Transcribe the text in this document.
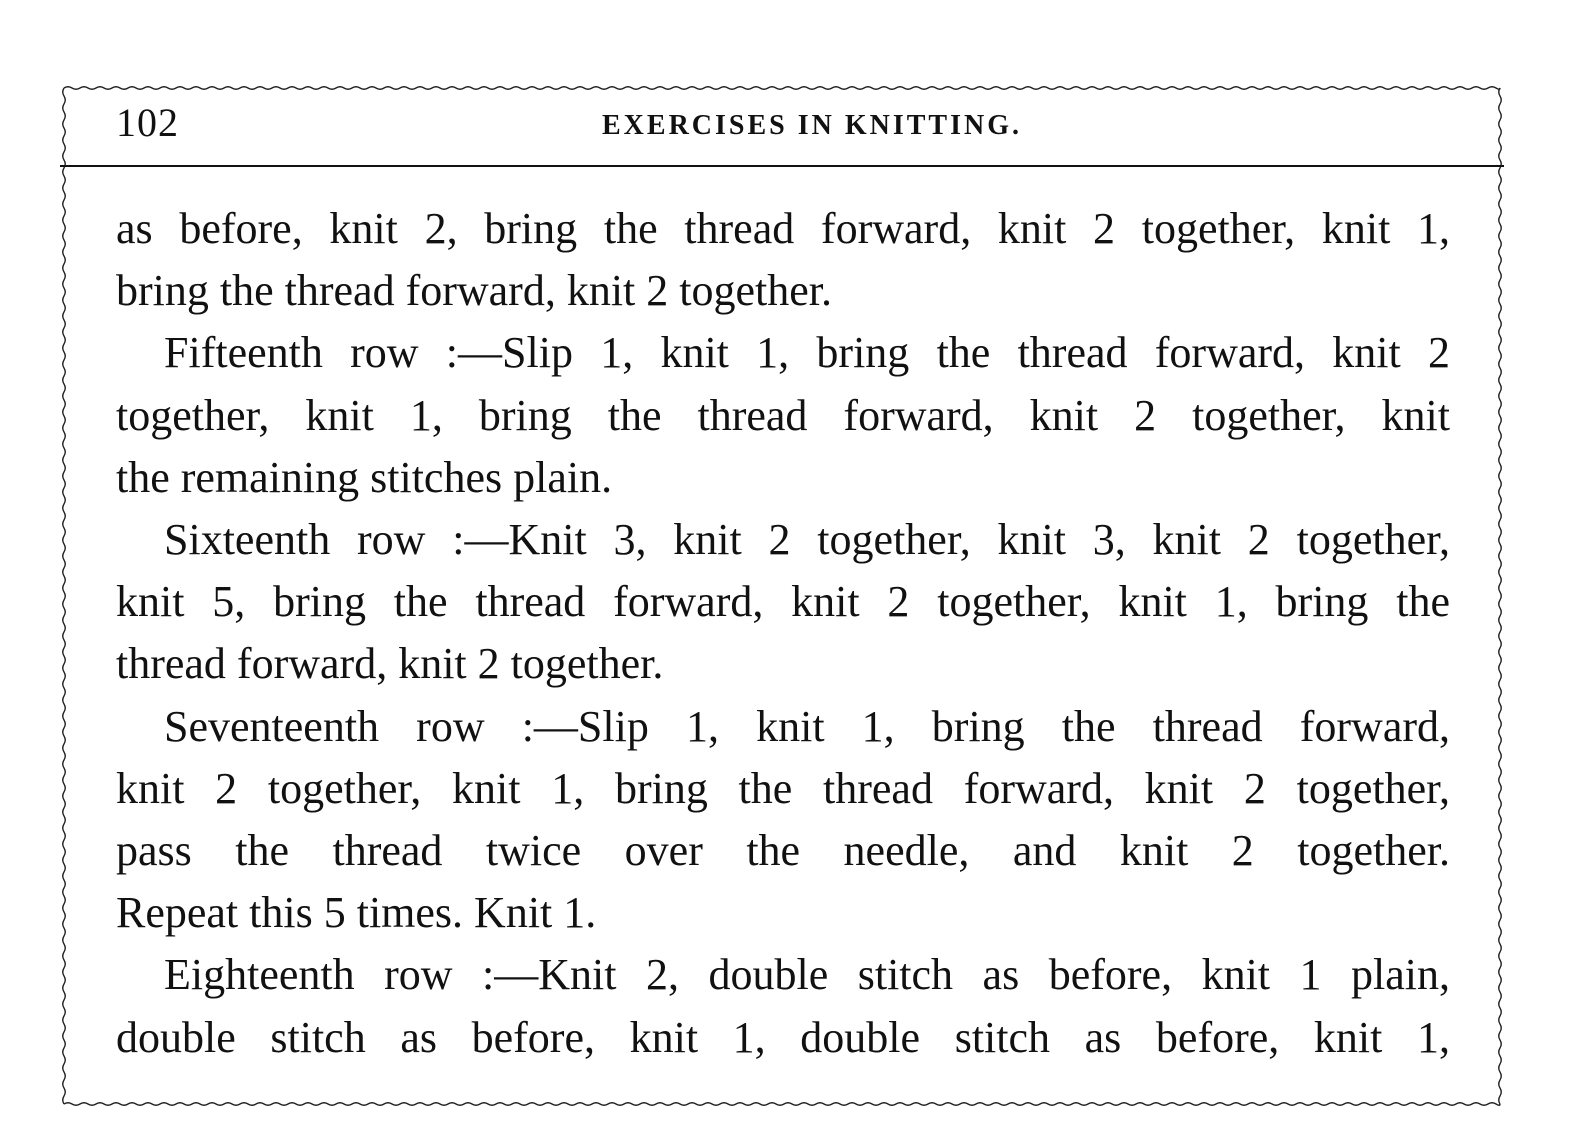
102	EXERCISES IN KNITTING.

as before, knit 2, bring the thread forward, knit 2 together, knit 1,
bring the thread forward, knit 2 together.

Fifteenth row :—Slip 1, knit 1, bring the thread forward, knit 2
together, knit 1, bring the thread forward, knit 2 together, knit
the remaining stitches plain.

Sixteenth row :—Knit 3, knit 2 together, knit 3, knit 2 together,
knit 5, bring the thread forward, knit 2 together, knit 1, bring the
thread forward, knit 2 together.

Seventeenth row :—Slip 1, knit 1, bring the thread forward,
knit 2 together, knit 1, bring the thread forward, knit 2 together,
pass the thread twice over the needle, and knit 2 together.
Repeat this 5 times. Knit 1.

Eighteenth row :—Knit 2, double stitch as before, knit 1 plain,
double stitch as before, knit 1, double stitch as before, knit 1,
